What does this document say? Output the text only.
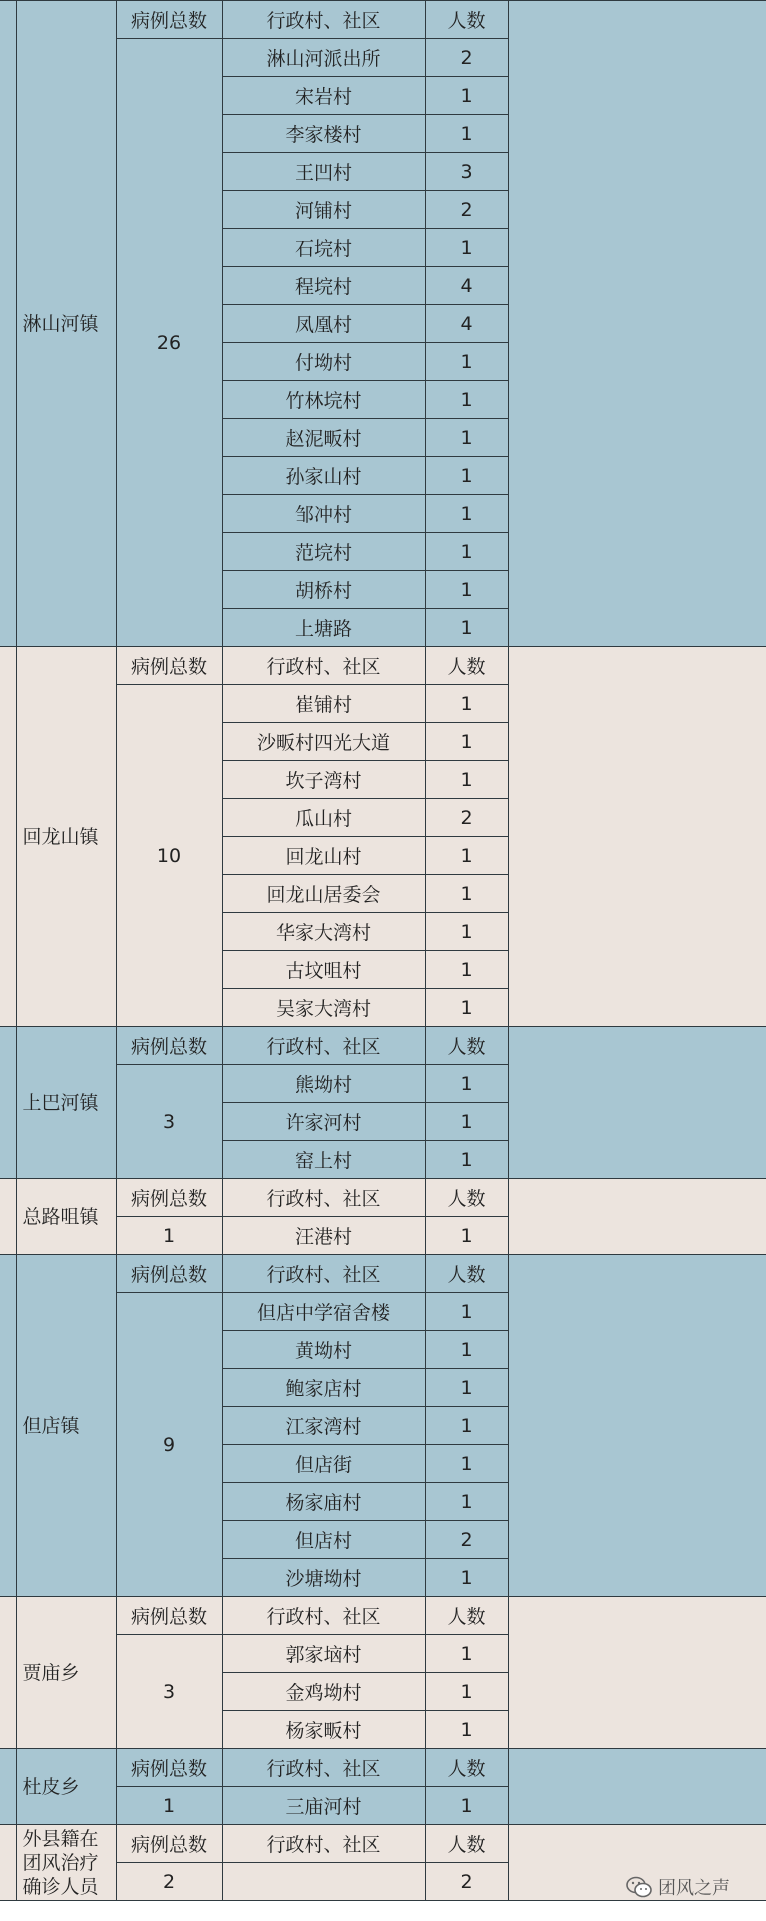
	淋山河镇	病例总数	行政村、社区	人数	
		26	淋山河派出所	2	
			宋岩村	1	
			李家楼村	1	
			王凹村	3	
			河铺村	2	
			石垸村	1	
			程垸村	4	
			凤凰村	4	
			付坳村	1	
			竹林垸村	1	
			赵泥畈村	1	
			孙家山村	1	
			邹冲村	1	
			范垸村	1	
			胡桥村	1	
			上塘路	1	
	回龙山镇	病例总数	行政村、社区	人数	
		10	崔铺村	1	
			沙畈村四光大道	1	
			坎子湾村	1	
			瓜山村	2	
			回龙山村	1	
			回龙山居委会	1	
			华家大湾村	1	
			古坟咀村	1	
			吴家大湾村	1	
	上巴河镇	病例总数	行政村、社区	人数	
		3	熊坳村	1	
			许家河村	1	
			窑上村	1	
	总路咀镇	病例总数	行政村、社区	人数	
		1	汪港村	1	
	但店镇	病例总数	行政村、社区	人数	
		9	但店中学宿舍楼	1	
			黄坳村	1	
			鲍家店村	1	
			江家湾村	1	
			但店街	1	
			杨家庙村	1	
			但店村	2	
			沙塘坳村	1	
	贾庙乡	病例总数	行政村、社区	人数	
		3	郭家垴村	1	
			金鸡坳村	1	
			杨家畈村	1	
	杜皮乡	病例总数	行政村、社区	人数	
		1	三庙河村	1	
	外县籍在团风治疗确诊人员	病例总数	行政村、社区	人数	
		2		2		团风之声
